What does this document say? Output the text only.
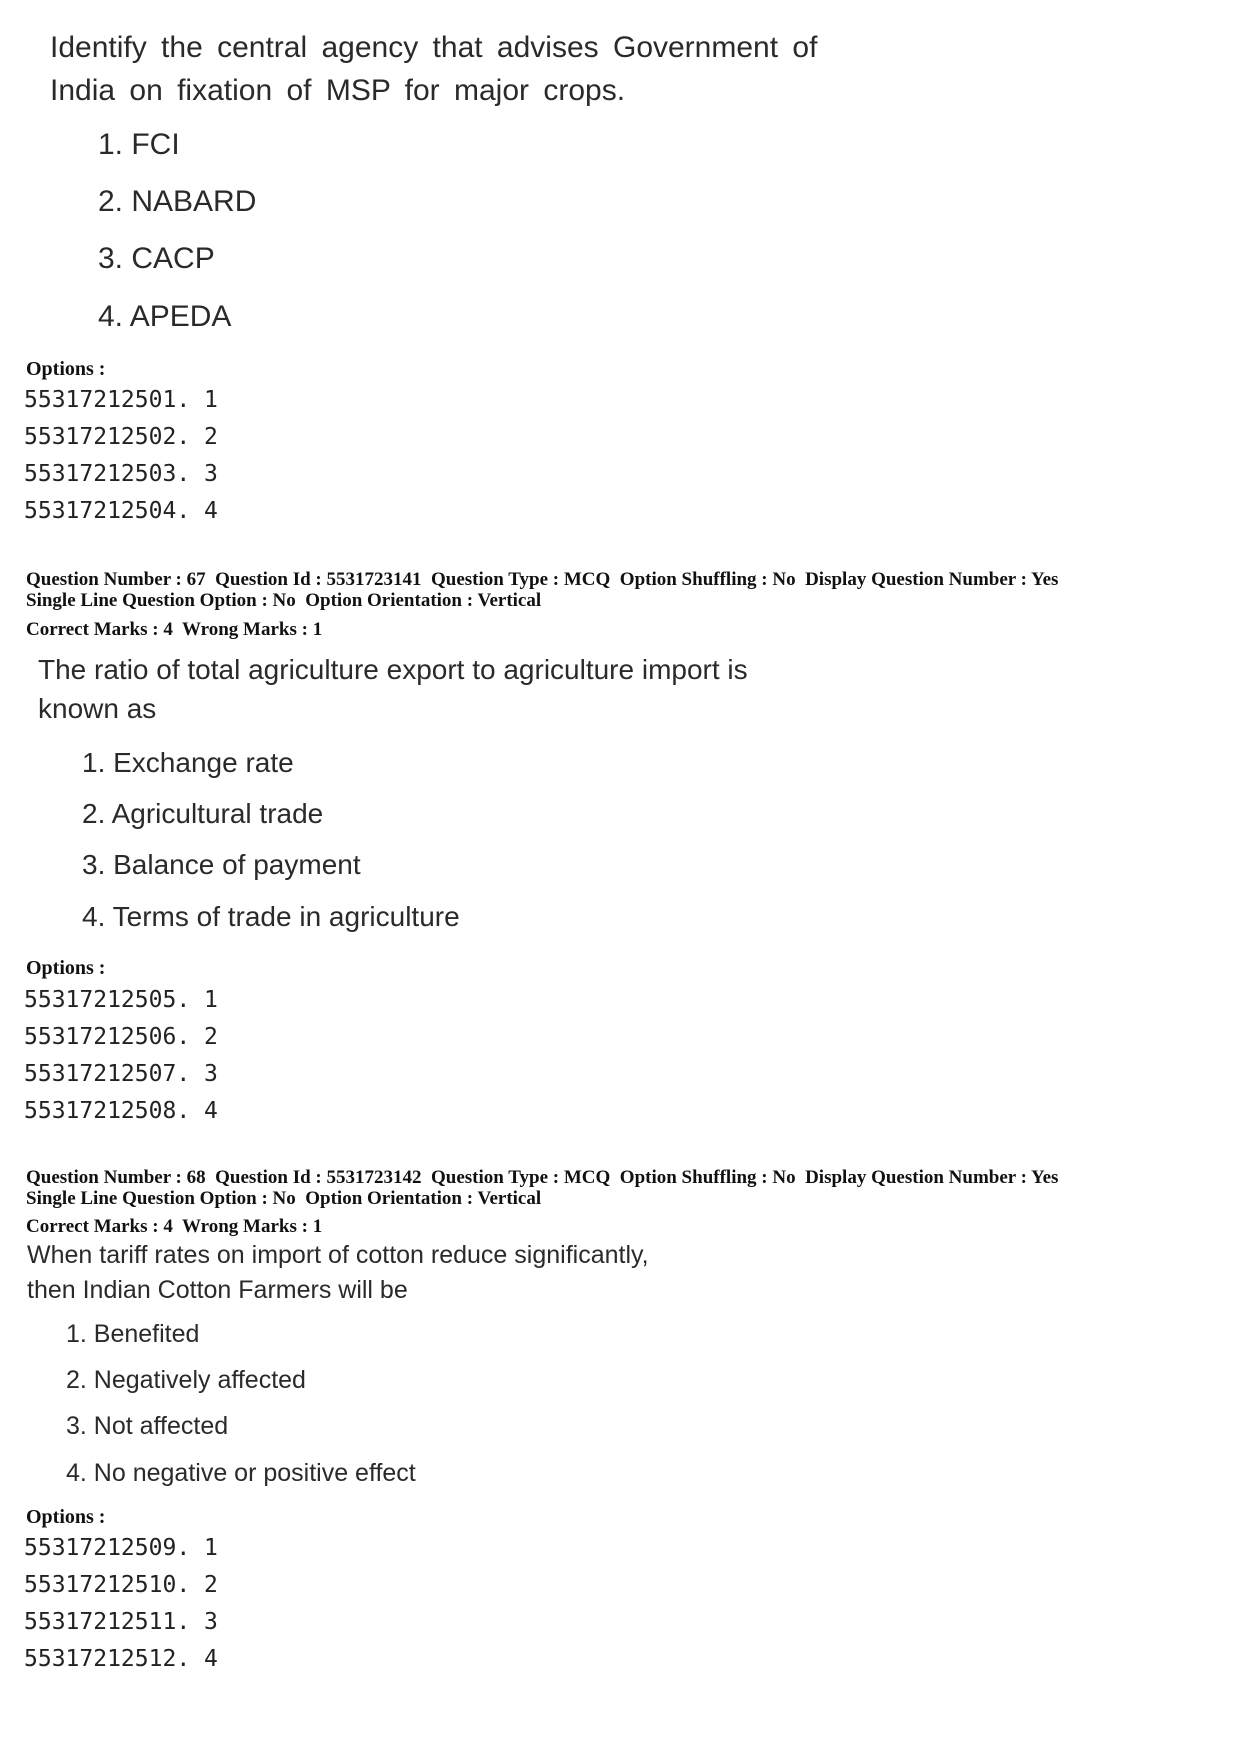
Identify the central agency that advises Government of
India on fixation of MSP for major crops.
1. FCI
2. NABARD
3. CACP
4. APEDA
Options :
55317212501. 1
55317212502. 2
55317212503. 3
55317212504. 4
Question Number : 67  Question Id : 5531723141  Question Type : MCQ  Option Shuffling : No  Display Question Number : Yes
Single Line Question Option : No  Option Orientation : Vertical
Correct Marks : 4  Wrong Marks : 1
The ratio of total agriculture export to agriculture import is
known as
1. Exchange rate
2. Agricultural trade
3. Balance of payment
4. Terms of trade in agriculture
Options :
55317212505. 1
55317212506. 2
55317212507. 3
55317212508. 4
Question Number : 68  Question Id : 5531723142  Question Type : MCQ  Option Shuffling : No  Display Question Number : Yes
Single Line Question Option : No  Option Orientation : Vertical
Correct Marks : 4  Wrong Marks : 1
When tariff rates on import of cotton reduce significantly,
then Indian Cotton Farmers will be
1. Benefited
2. Negatively affected
3. Not affected
4. No negative or positive effect
Options :
55317212509. 1
55317212510. 2
55317212511. 3
55317212512. 4
